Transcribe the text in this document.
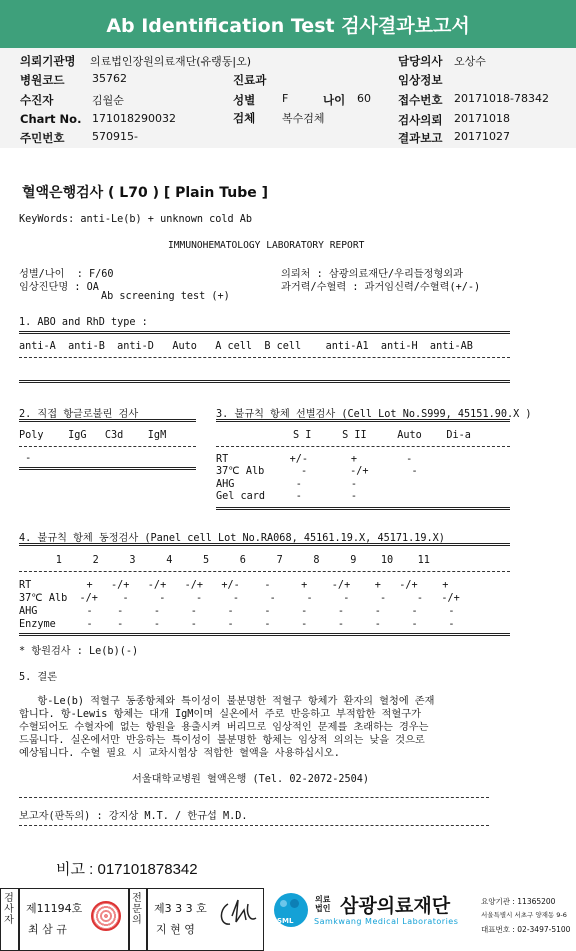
Ab Identification Test 검사결과보고서
의뢰기관명 의료법인장원의료재단(유랭동|오)
병원코드	35762
수진자	김월순
Chart No. 171018290032
주민번호	570915-
진료과
성별 F	나이 60
검체 복수검체
담당의사 오상수
임상정보
접수번호 20171018-78342
검사의뢰 20171018
결과보고 20171027
혈액은행검사 ( L70 ) [ Plain Tube ]
KeyWords: anti-Le(b) + unknown cold Ab
IMMUNOHEMATOLOGY LABORATORY REPORT
성별/나이  : F/60
임상진단명 : OA
Ab screening test (+)
의뢰처 : 삼광의료재단/우리들정형외과
과거력/수혈력 : 과거임신력/수혈력(+/-)
1. ABO and RhD type :
anti-A  anti-B  anti-D   Auto   A cell  B cell    anti-A1  anti-H  anti-AB
2. 직접 항글로불린 검사
Poly    IgG   C3d    IgM
-
3. 불규칙 항체 선별검사 (Cell Lot No.S999, 45151.90.X )
S I     S II     Auto    Di-a
RT          +/-       +        -
37℃ Alb      -       -/+       -
AHG          -        -
Gel card     -        -
4. 불규칙 항체 동정검사 (Panel cell Lot No.RA068, 45161.19.X, 45171.19.X)
1     2     3     4     5     6     7     8     9    10    11
RT         +   -/+   -/+   -/+   +/-    -     +    -/+    +   -/+    +
37℃ Alb  -/+    -     -     -     -     -     -     -     -     -   -/+
AHG        -    -     -     -     -     -     -     -     -     -     -
Enzyme     -    -     -     -     -     -     -     -     -     -     -
* 항원검사 : Le(b)(-)
5. 결론
항-Le(b) 적혈구 동종항체와 특이성이 불분명한 적혈구 항체가 환자의 혈청에 존재
합니다. 항-Lewis 항체는 대개 IgM이며 실온에서 주로 반응하고 부적합한 적혈구가
수혈되어도 수혈자에 없는 항원을 용출시켜 버리므로 임상적인 문제를 초래하는 경우는
드뭅니다. 실온에서만 반응하는 특이성이 불분명한 항체는 임상적 의의는 낮을 것으로
예상됩니다. 수혈 필요 시 교차시험상 적합한 혈액을 사용하십시오.
서울대학교병원 혈액은행 (Tel. 02-2072-2504)
보고자(판독의) : 강지상 M.T. / 한규섭 M.D.
비고 : 017101878342
검사자
제11194호
최 삼 규
전문의
제3 3 3 호
지 현 영
SML
의료법인 삼광의료재단
Samkwang Medical Laboratories
요양기관 : 11365200
서울특별시 서초구 양재동 9-6
대표번호 : 02-3497-5100
